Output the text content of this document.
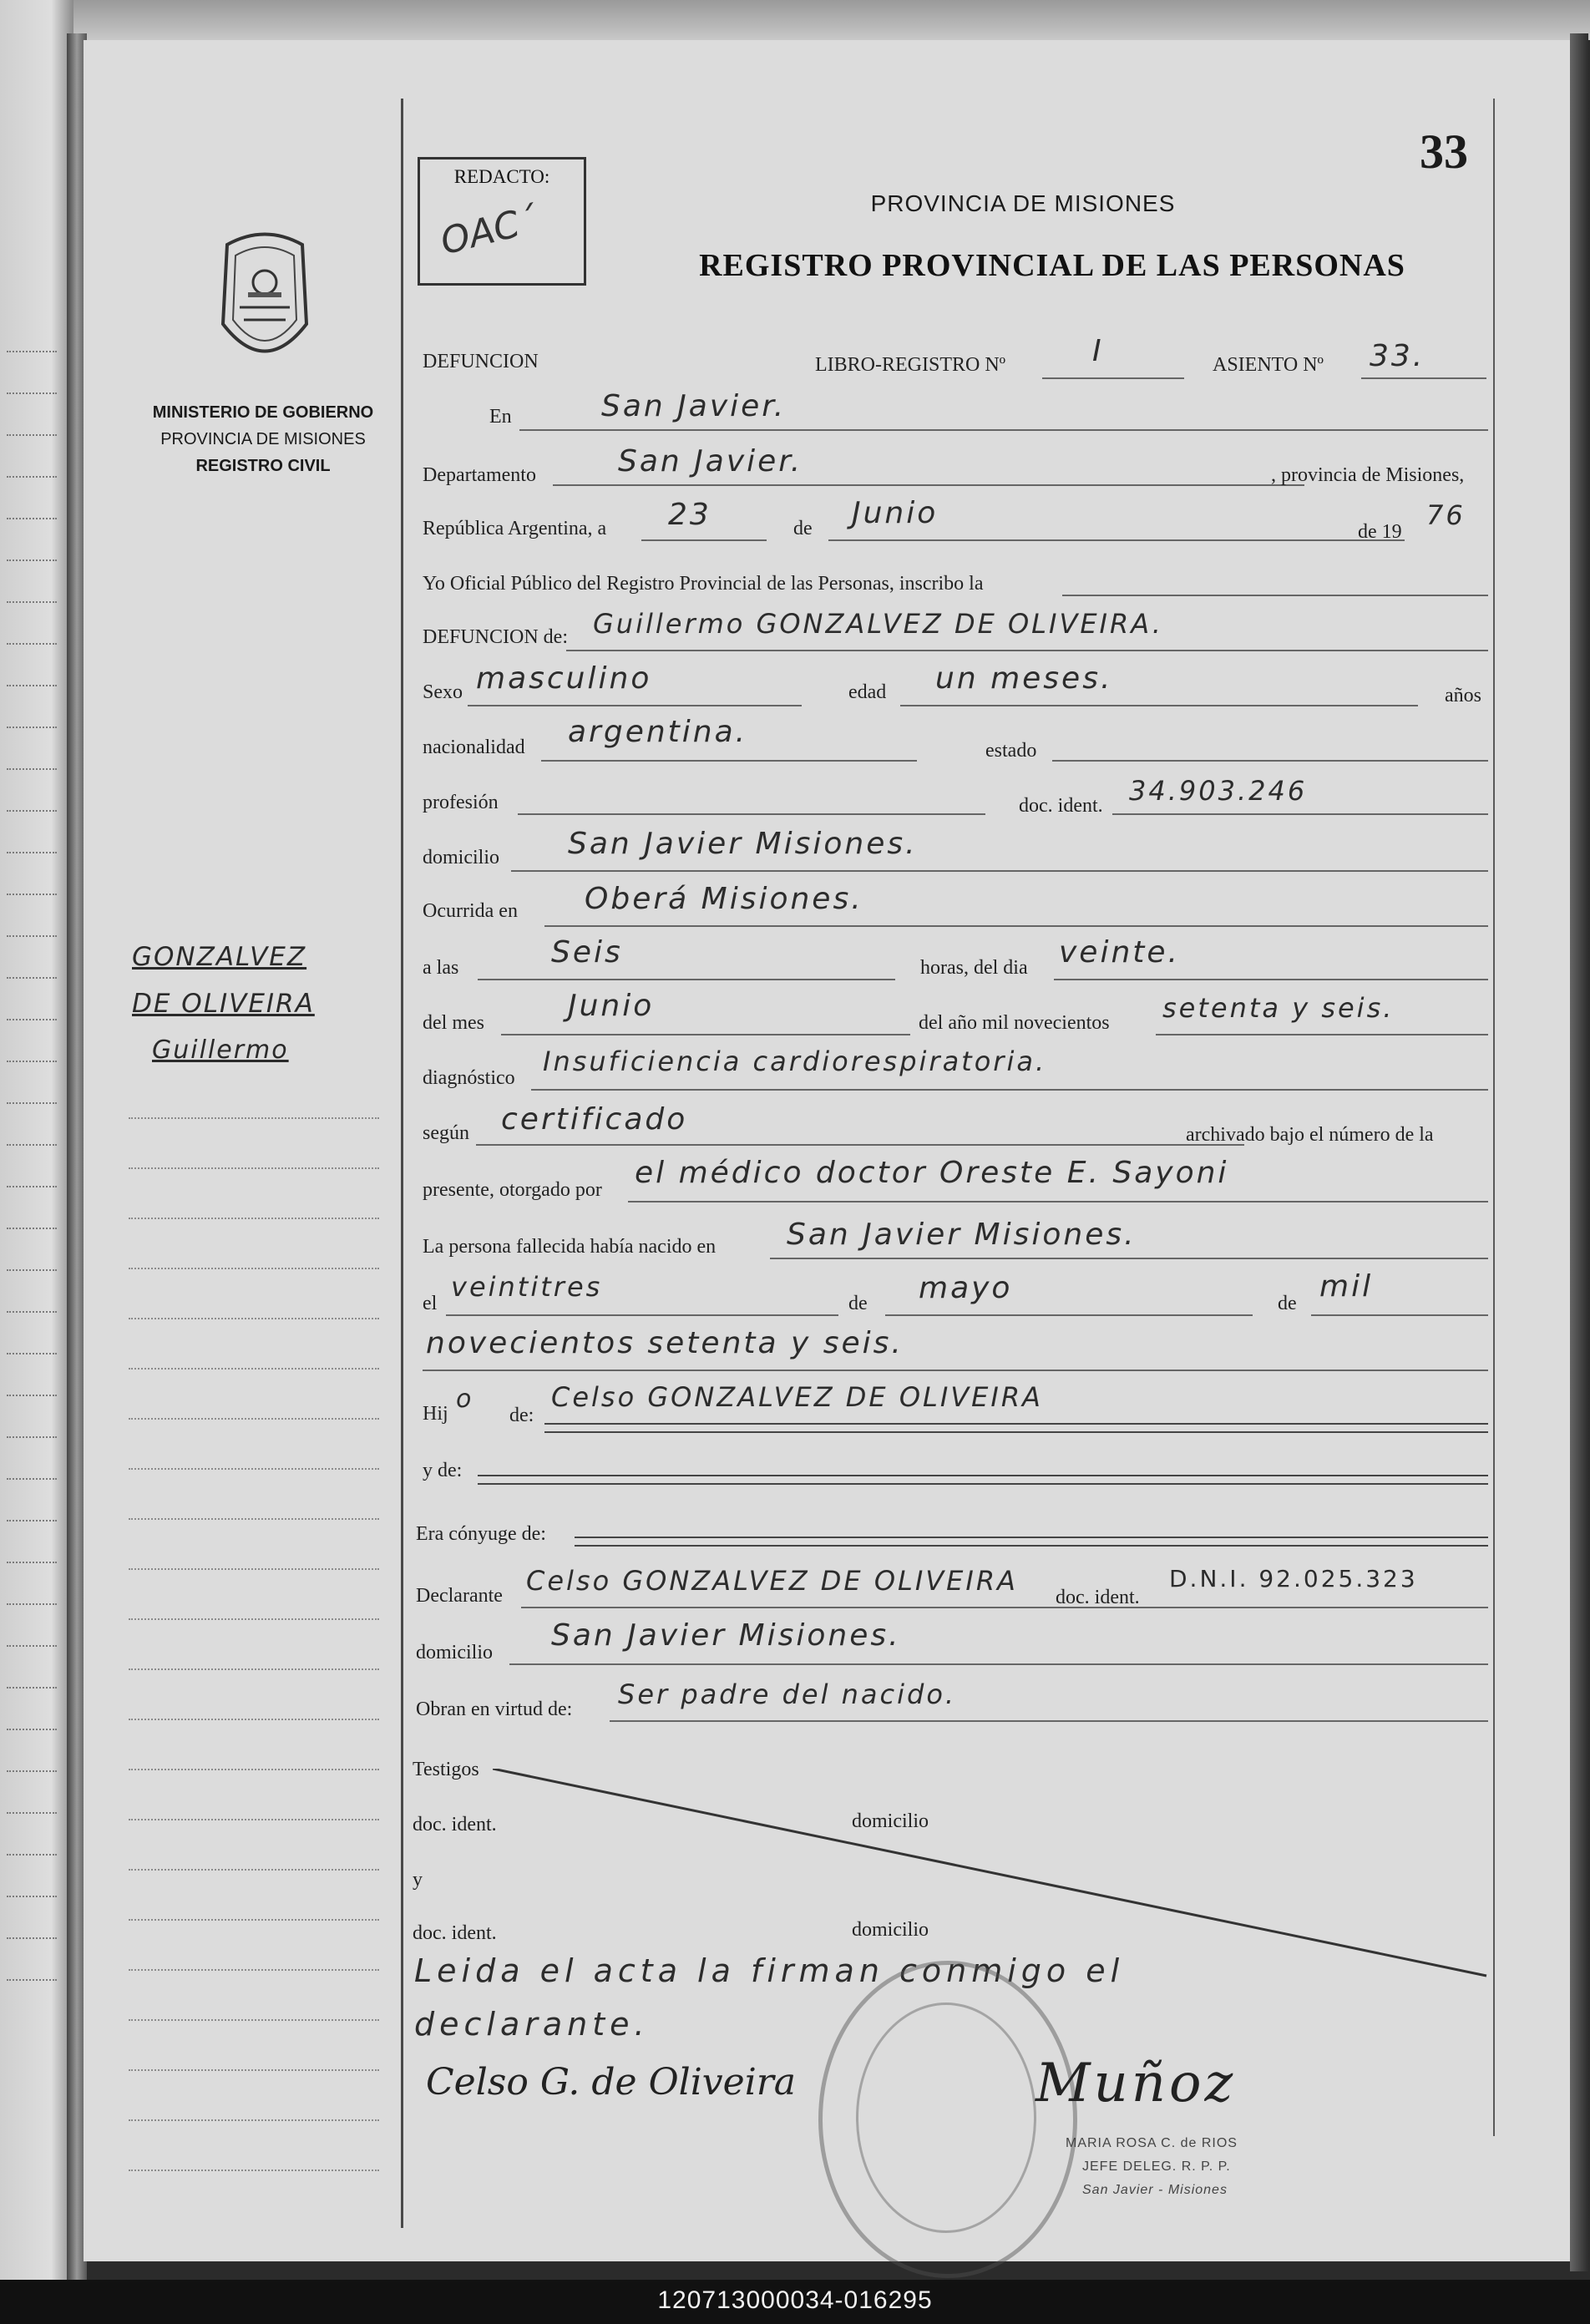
MINISTERIO DE GOBIERNO
PROVINCIA DE MISIONES
REGISTRO CIVIL
GONZALVEZ
DE OLIVEIRA
Guillermo
REDACTO:
OAC´
33
PROVINCIA DE MISIONES
REGISTRO PROVINCIAL DE LAS PERSONAS
DEFUNCION	LIBRO-REGISTRO Nº	I	ASIENTO Nº 33.
En	San Javier.
Departamento	San Javier.	, provincia de Misiones,
República Argentina, a 23	de Junio
de 19
76
Yo Oficial Público del Registro Provincial de las Personas, inscribo la
DEFUNCION de: Guillermo GONZALVEZ DE OLIVEIRA.
Sexo masculino	edad un meses.	años
nacionalidad argentina.
estado
profesión	doc. ident. 34.903.246
domicilio San Javier Misiones.
Ocurrida en Oberá Misiones.
a las	Seis	horas, del dia veinte.
del mes	Junio	del año mil novecientos setenta y seis.
diagnóstico
Insuficiencia cardiorespiratoria.
según certificado	archivado bajo el número de la
presente, otorgado por el médico doctor Oreste E. Sayoni
La persona fallecida había nacido en San Javier Misiones.
el
veintitres
de mayo	de mil
novecientos setenta y seis.
Hij o
de:
Celso GONZALVEZ DE OLIVEIRA
y de:
Era cónyuge de:
Declarante Celso GONZALVEZ DE OLIVEIRA
doc. ident.
D.N.I. 92.025.323
domicilio San Javier Misiones.
Obran en virtud de: Ser padre del nacido.
Testigos
doc. ident.	domicilio
y
doc. ident.	domicilio
Leida el acta la firman conmigo el
declarante.
Celso G. de Oliveira	Muñoz
MARIA ROSA C. de RIOS
JEFE DELEG. R. P. P.
San Javier - Misiones
120713000034-016295
